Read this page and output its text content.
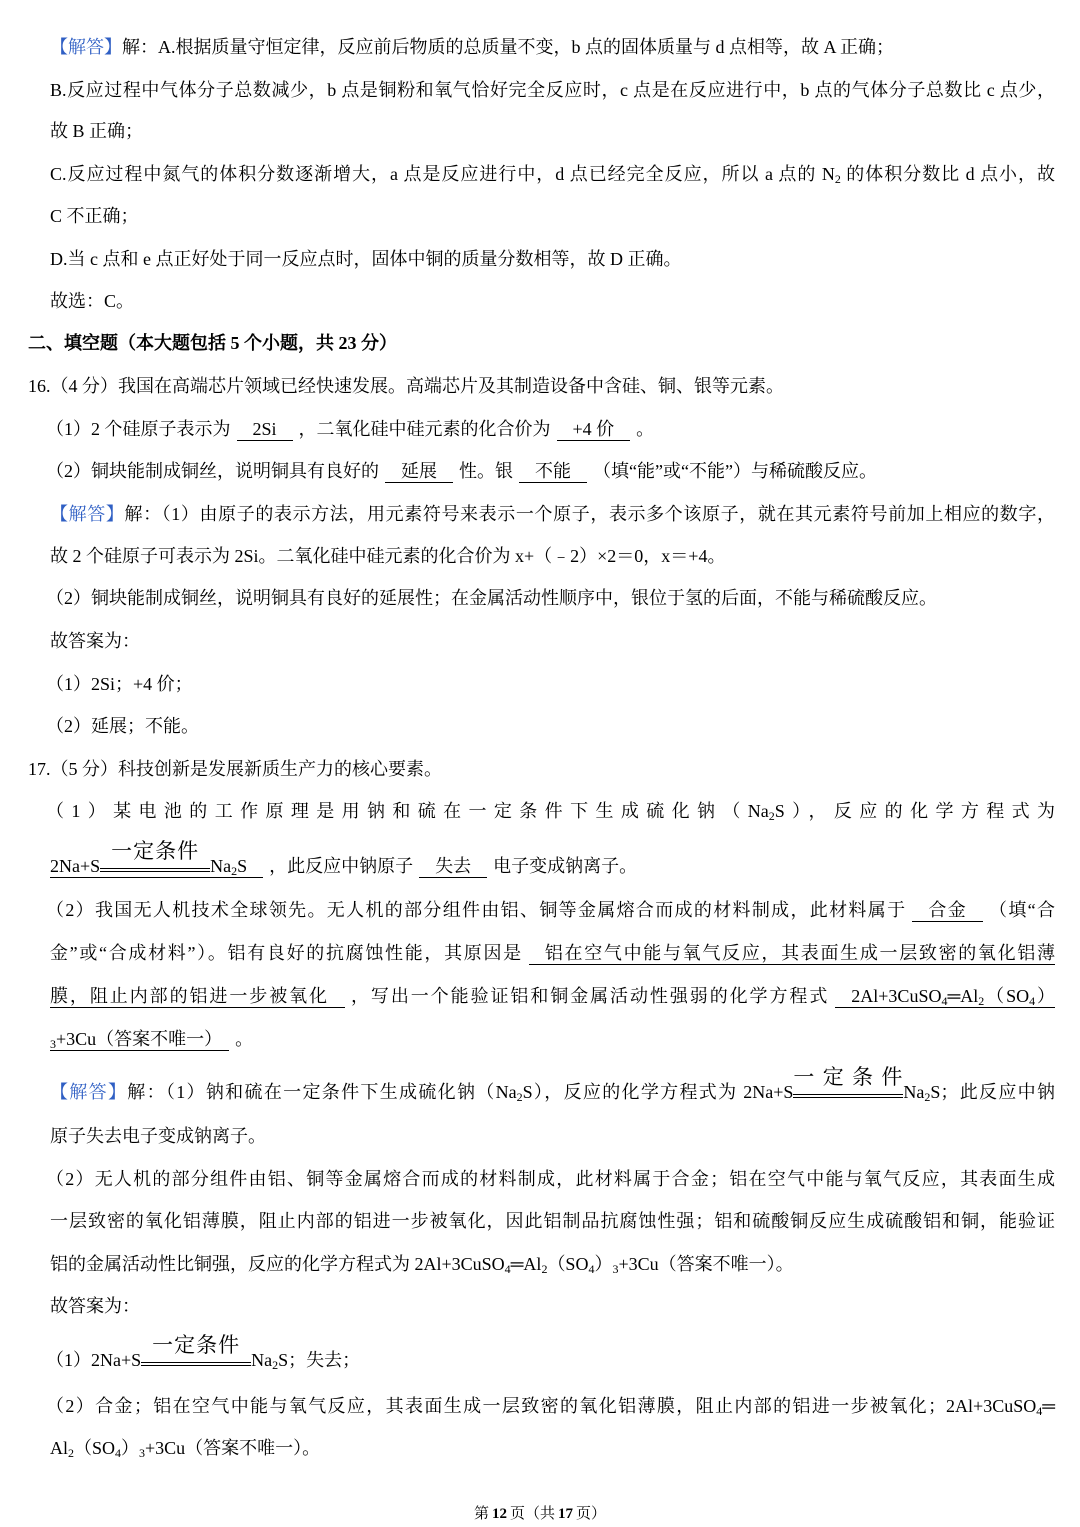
【解答】解：A.根据质量守恒定律，反应前后物质的总质量不变，b 点的固体质量与 d 点相等，故 A 正确；
B.反应过程中气体分子总数减少，b 点是铜粉和氧气恰好完全反应时，c 点是在反应进行中，b 点的气体分子总数比 c 点少，
故 B 正确；
C.反应过程中氮气的体积分数逐渐增大，a 点是反应进行中，d 点已经完全反应，所以 a 点的 $N_2$ 的体积分数比 d 点小，故
C 不正确；
D.当 c 点和 e 点正好处于同一反应点时，固体中铜的质量分数相等，故 D 正确。
故选：C。
二、填空题（本大题包括 5 个小题，共 23 分）
16.（4 分）我国在高端芯片领域已经快速发展。高端芯片及其制造设备中含硅、铜、银等元素。
（1）2 个硅原子表示为 2Si ，二氧化硅中硅元素的化合价为 +4 价 。
（2）铜块能制成铜丝，说明铜具有良好的 延展 性。银 不能 （填“能”或“不能”）与稀硫酸反应。
【解答】解：（1）由原子的表示方法，用元素符号来表示一个原子，表示多个该原子，就在其元素符号前加上相应的数字，
故 2 个硅原子可表示为 2Si。二氧化硅中硅元素的化合价为 x+（﹣2）×2＝0，x＝+4。
（2）铜块能制成铜丝，说明铜具有良好的延展性；在金属活动性顺序中，银位于氢的后面，不能与稀硫酸反应。
故答案为：
（1）2Si；+4 价；
（2）延展；不能。
17.（5 分）科技创新是发展新质生产力的核心要素。
（1）某电池的工作原理是用钠和硫在一定条件下生成硫化钠$(Na_2S)$，反应的化学方程式为
2Na+S
一定条件
$Na_2S$ ，此反应中钠原子 失去 电子变成钠离子。
（2）我国无人机技术全球领先。无人机的部分组件由铝、铜等金属熔合而成的材料制成，此材料属于 合金 （填“合
金”或“合成材料”）。铝有良好的抗腐蚀性能，其原因是 铝在空气中能与氧气反应，其表面生成一层致密的氧化铝薄
膜，阻止内部的铝进一步被氧化 ，写出一个能验证铝和铜金属活动性强弱的化学方程式 $2Al+3CuSO_4═Al_2(SO_4)$
$_3$+3Cu（答案不唯一） 。
【解答】解：（1）钠和硫在一定条件下生成硫化钠$(Na_2S)$，反应的化学方程式为 2Na+S
一定条件
$Na_2S$；此反应中钠
原子失去电子变成钠离子。
（2）无人机的部分组件由铝、铜等金属熔合而成的材料制成，此材料属于合金；铝在空气中能与氧气反应，其表面生成
一层致密的氧化铝薄膜，阻止内部的铝进一步被氧化，因此铝制品抗腐蚀性强；铝和硫酸铜反应生成硫酸铝和铜，能验证
铝的金属活动性比铜强，反应的化学方程式为 $2Al+3CuSO_4═Al_2(SO_4)_3+3Cu$（答案不唯一）。
故答案为：
（1）2Na+S
一定条件
$Na_2S$；失去；
（2）合金；铝在空气中能与氧气反应，其表面生成一层致密的氧化铝薄膜，阻止内部的铝进一步被氧化；2Al+3CuSO$_4$═
$Al_2(SO_4)_3+3Cu$（答案不唯一）。
第 12 页（共 17 页）
